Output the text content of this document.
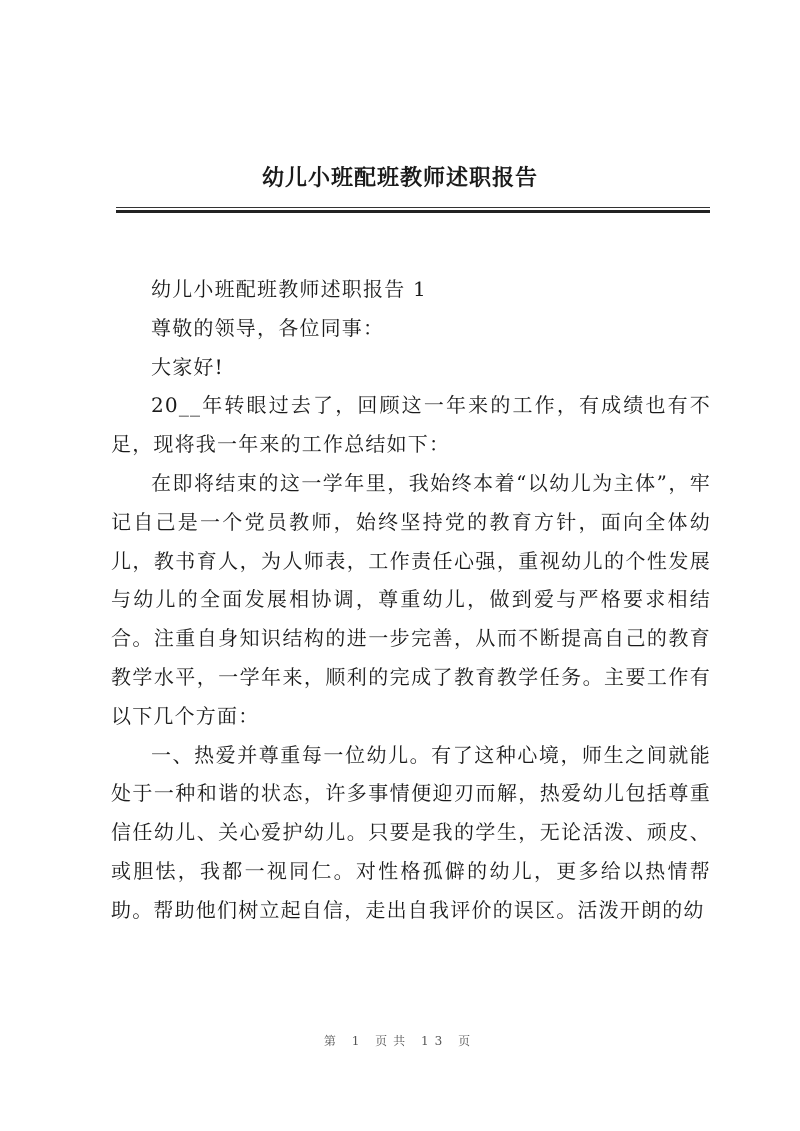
幼儿小班配班教师述职报告

幼儿小班配班教师述职报告 1

尊敬的领导，各位同事：

大家好!

20__年转眼过去了，回顾这一年来的工作，有成绩也有不足，现将我一年来的工作总结如下：

在即将结束的这一学年里，我始终本着“以幼儿为主体”，牢记自己是一个党员教师，始终坚持党的教育方针，面向全体幼儿，教书育人，为人师表，工作责任心强，重视幼儿的个性发展与幼儿的全面发展相协调，尊重幼儿，做到爱与严格要求相结合。注重自身知识结构的进一步完善，从而不断提高自己的教育教学水平，一学年来，顺利的完成了教育教学任务。主要工作有以下几个方面：

一、热爱并尊重每一位幼儿。有了这种心境，师生之间就能处于一种和谐的状态，许多事情便迎刃而解，热爱幼儿包括尊重信任幼儿、关心爱护幼儿。只要是我的学生，无论活泼、顽皮、或胆怯，我都一视同仁。对性格孤僻的幼儿，更多给以热情帮助。帮助他们树立起自信，走出自我评价的误区。活泼开朗的幼

第 1 页共 13 页
